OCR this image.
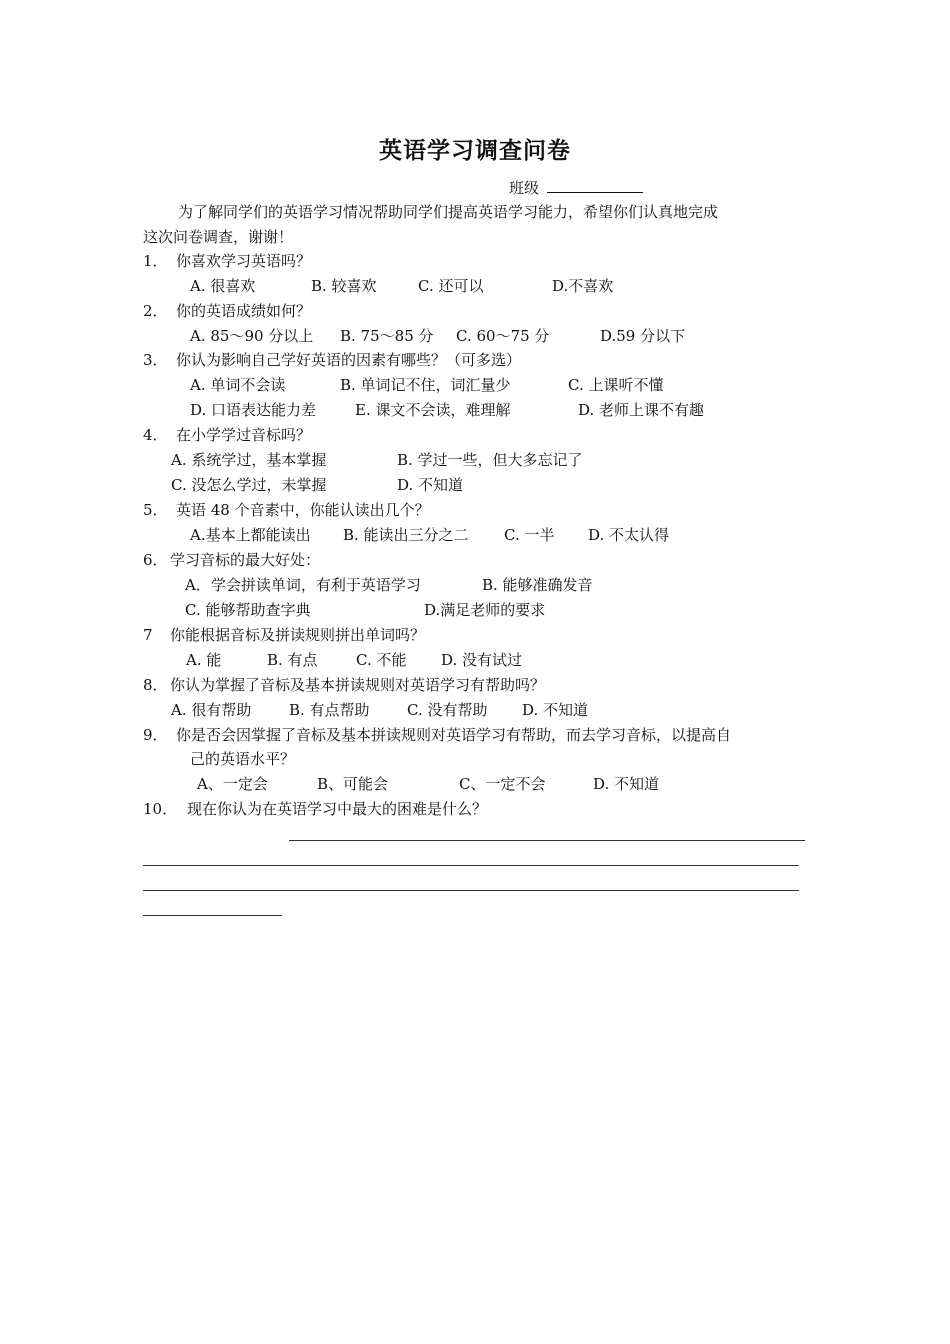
英语学习调查问卷
班级
为了解同学们的英语学习情况帮助同学们提高英语学习能力，希望你们认真地完成
这次问卷调查，谢谢！
1． 你喜欢学习英语吗？
A. 很喜欢	B. 较喜欢	C. 还可以	D.不喜欢
2． 你的英语成绩如何？
A. 85～90 分以上 B. 75～85 分 C. 60～75 分	D.59 分以下
3． 你认为影响自己学好英语的因素有哪些？（可多选）
A. 单词不会读	B. 单词记不住，词汇量少	C. 上课听不懂
D. 口语表达能力差	E. 课文不会读，难理解	D. 老师上课不有趣
4． 在小学学过音标吗？
A. 系统学过，基本掌握	B. 学过一些，但大多忘记了
C. 没怎么学过，未掌握	D. 不知道
5． 英语 48 个音素中，你能认读出几个？
A.基本上都能读出 B. 能读出三分之二 C. 一半 D. 不太认得
6． 学习音标的最大好处：
A．学会拼读单词，有利于英语学习	B. 能够准确发音
C. 能够帮助查字典	D.满足老师的要求
7 你能根据音标及拼读规则拼出单词吗？
A. 能	B. 有点	C. 不能 D. 没有试过
8． 你认为掌握了音标及基本拼读规则对英语学习有帮助吗？
A. 很有帮助	B. 有点帮助 C. 没有帮助 D. 不知道
9． 你是否会因掌握了音标及基本拼读规则对英语学习有帮助，而去学习音标，以提高自
己的英语水平？
A、一定会	B、可能会	C、一定不会	D. 不知道
10． 现在你认为在英语学习中最大的困难是什么？
